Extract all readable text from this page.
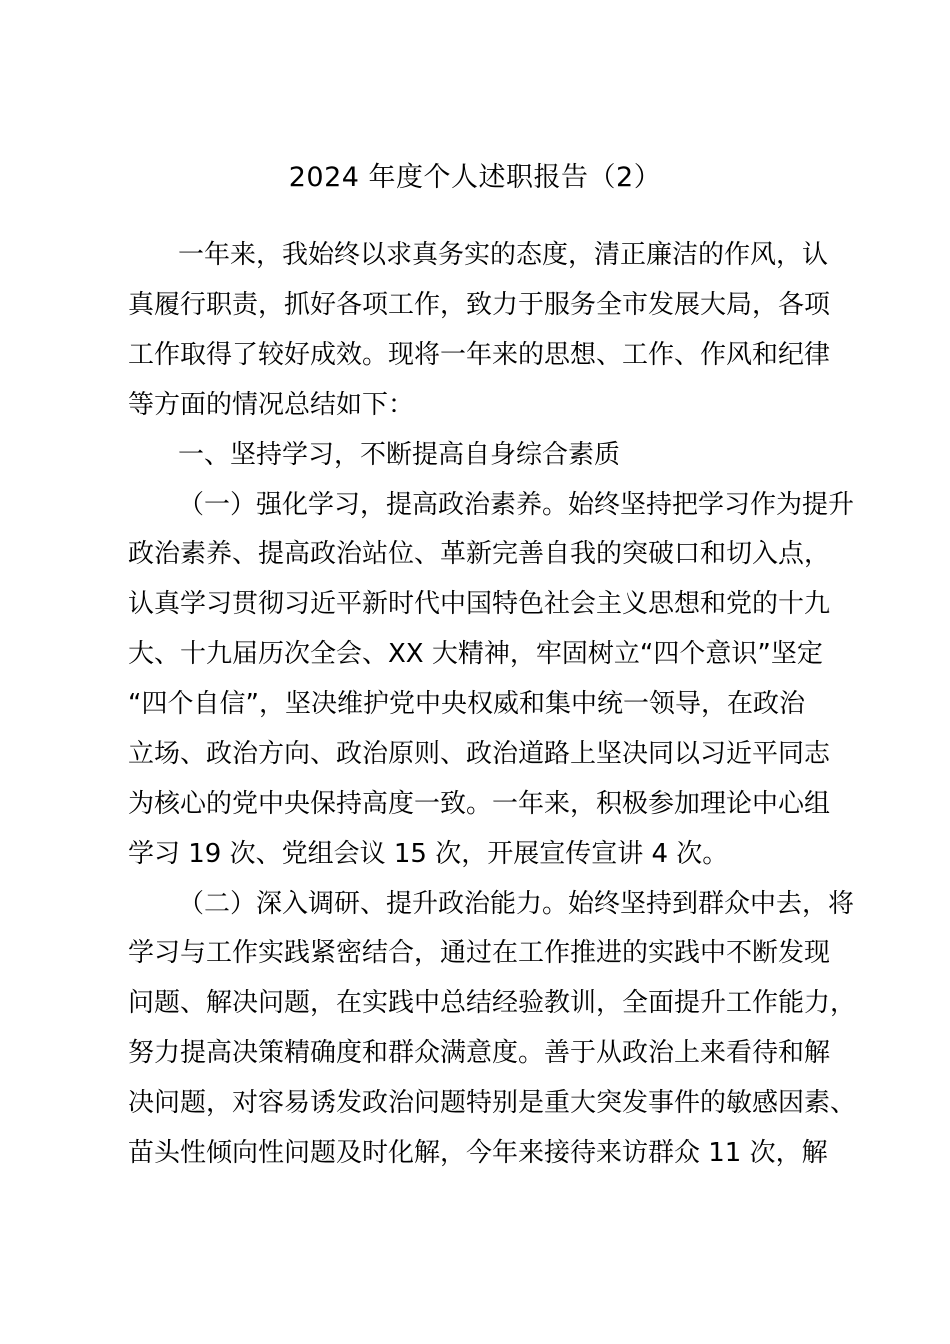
2024 年度个人述职报告（2）
一年来，我始终以求真务实的态度，清正廉洁的作风，认
真履行职责，抓好各项工作，致力于服务全市发展大局，各项
工作取得了较好成效。现将一年来的思想、工作、作风和纪律
等方面的情况总结如下：
一、坚持学习，不断提高自身综合素质
（一）强化学习，提高政治素养。始终坚持把学习作为提升
政治素养、提高政治站位、革新完善自我的突破口和切入点，
认真学习贯彻习近平新时代中国特色社会主义思想和党的十九
大、十九届历次全会、XX 大精神，牢固树立“四个意识”坚定
“四个自信”，坚决维护党中央权威和集中统一领导，在政治
立场、政治方向、政治原则、政治道路上坚决同以习近平同志
为核心的党中央保持高度一致。一年来，积极参加理论中心组
学习 19 次、党组会议 15 次，开展宣传宣讲 4 次。
（二）深入调研、提升政治能力。始终坚持到群众中去，将
学习与工作实践紧密结合，通过在工作推进的实践中不断发现
问题、解决问题，在实践中总结经验教训，全面提升工作能力，
努力提高决策精确度和群众满意度。善于从政治上来看待和解
决问题，对容易诱发政治问题特别是重大突发事件的敏感因素、
苗头性倾向性问题及时化解，今年来接待来访群众 11 次，解
